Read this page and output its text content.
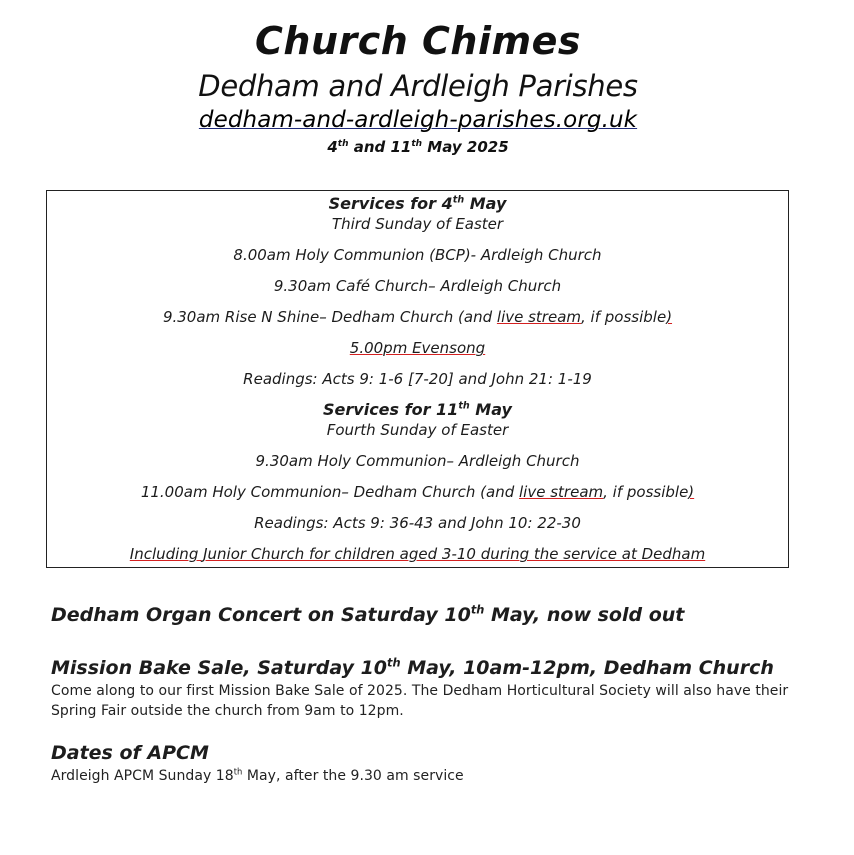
Church Chimes
Dedham and Ardleigh Parishes
dedham-and-ardleigh-parishes.org.uk
4th and 11th May 2025
Services for 4th May
Third Sunday of Easter
8.00am Holy Communion (BCP)- Ardleigh Church
9.30am Café Church– Ardleigh Church
9.30am Rise N Shine– Dedham Church (and live stream, if possible)
5.00pm Evensong
Readings: Acts 9: 1-6 [7-20] and John 21: 1-19
Services for 11th May
Fourth Sunday of Easter
9.30am Holy Communion– Ardleigh Church
11.00am Holy Communion– Dedham Church (and live stream, if possible)
Readings: Acts 9: 36-43 and John 10: 22-30
Including Junior Church for children aged 3-10 during the service at Dedham
Dedham Organ Concert on Saturday 10th May, now sold out
Mission Bake Sale, Saturday 10th May, 10am-12pm, Dedham Church
Come along to our first Mission Bake Sale of 2025. The Dedham Horticultural Society will also have their Spring Fair outside the church from 9am to 12pm.
Dates of APCM
Ardleigh APCM Sunday 18th May, after the 9.30 am service
